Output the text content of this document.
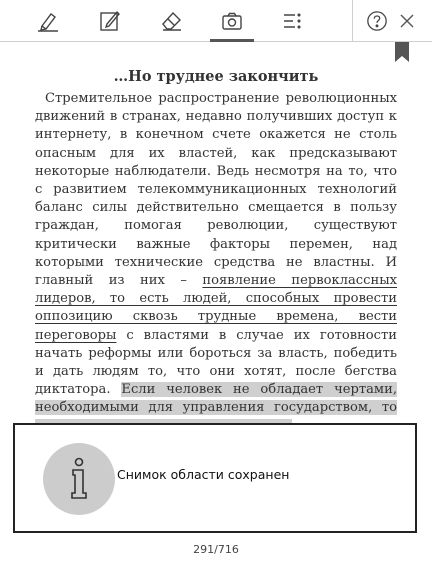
…Но труднее закончить

Стремительное распространение революционных движений в странах, недавно получивших доступ к интернету, в конечном счете окажется не столь опасным для их властей, как предсказывают некоторые наблюдатели. Ведь несмотря на то, что с развитием телекоммуникационных технологий баланс силы действительно смещается в пользу граждан, помогая революции, существуют критически важные факторы перемен, над которыми технические средства не властны. И главный из них – появление первоклассных лидеров, то есть людей, способных провести оппозицию сквозь трудные времена, вести переговоры с властями в случае их готовности начать реформы или бороться за власть, победить и дать людям то, что они хотят, после бегства диктатора. Если человек не обладает чертами, необходимыми для управления государством, то

Снимок области сохранен
291/716
